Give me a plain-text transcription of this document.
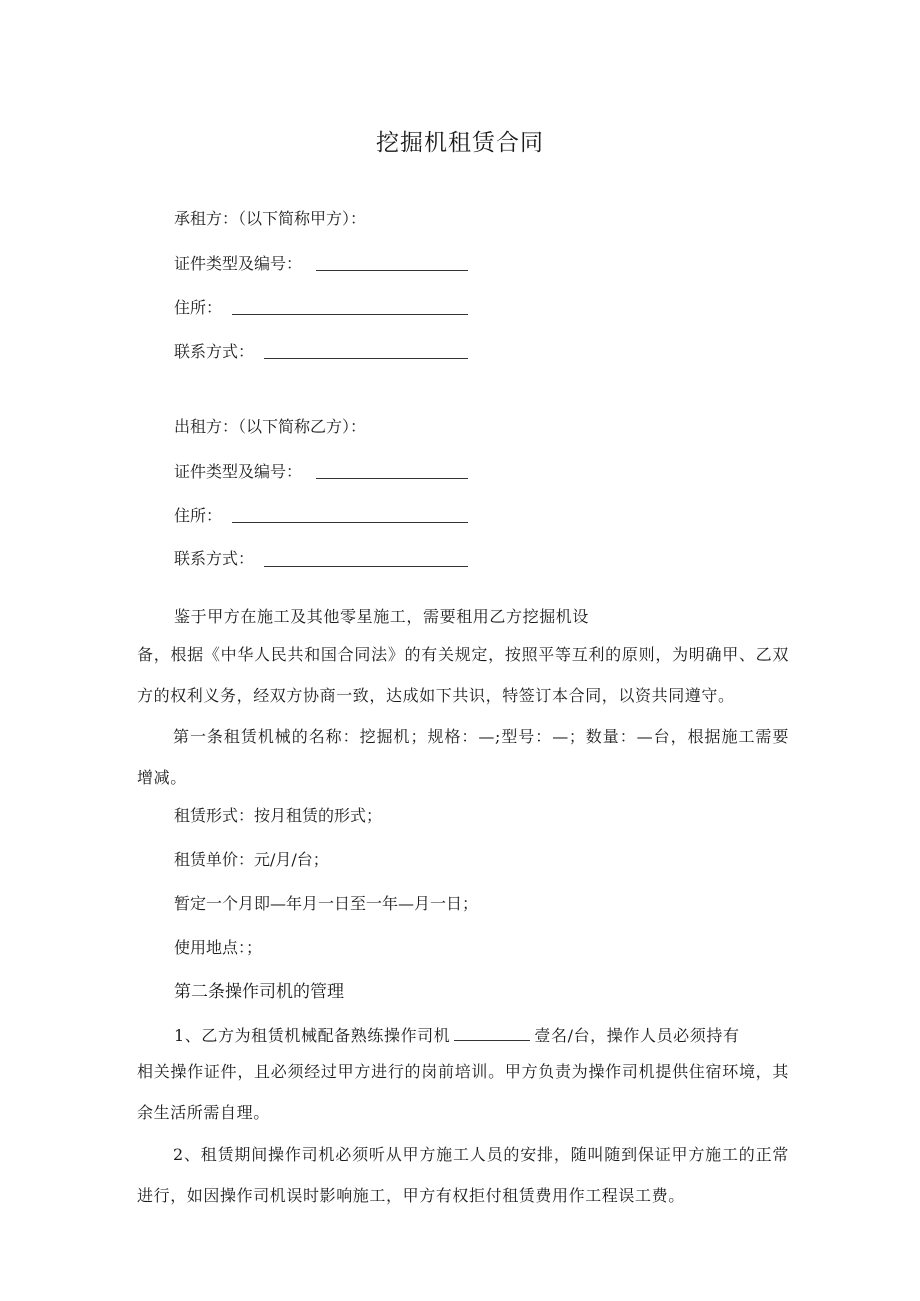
挖掘机租赁合同
承租方：（以下简称甲方）：
证件类型及编号：
住所：
联系方式：
出租方：（以下简称乙方）：
证件类型及编号：
住所：
联系方式：
鉴于甲方在施工及其他零星施工，需要租用乙方挖掘机设
备，根据《中华人民共和国合同法》的有关规定，按照平等互利的原则，为明确甲、乙双方的权利义务，经双方协商一致，达成如下共识，特签订本合同，以资共同遵守。
第一条租赁机械的名称：挖掘机；规格：—;型号：—；数量：—台，根据施工需要增减。
租赁形式：按月租赁的形式；
租赁单价：元/月/台；
暂定一个月即—年月一日至一年—月一日；
使用地点：；
第二条操作司机的管理
1、乙方为租赁机械配备熟练操作司机	壹名/台，操作人员必须持有
相关操作证件，且必须经过甲方进行的岗前培训。甲方负责为操作司机提供住宿环境，其余生活所需自理。
2、租赁期间操作司机必须听从甲方施工人员的安排，随叫随到保证甲方施工的正常进行，如因操作司机误时影响施工，甲方有权拒付租赁费用作工程误工费。
